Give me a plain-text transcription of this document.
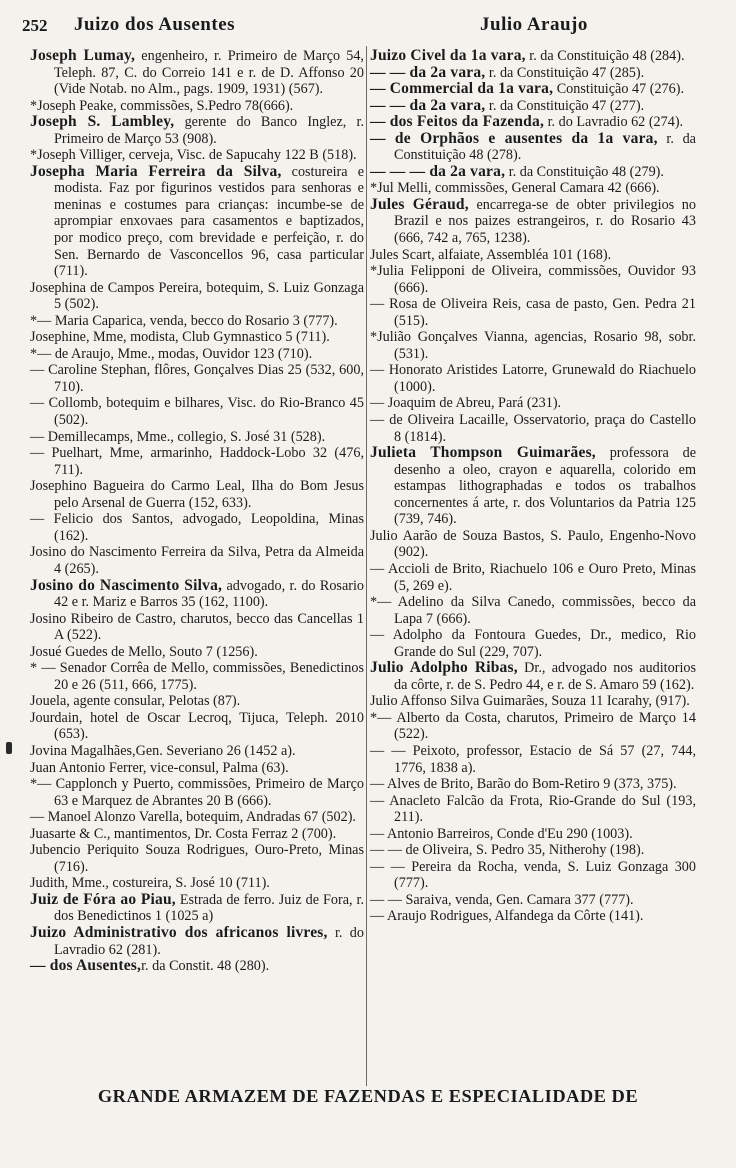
252 Juizo dos Ausentes	Julio Araujo

Joseph Lumay, engenheiro, r. Primeiro de Março 54, Teleph. 87, C. do Correio 141 e r. de D. Affonso 20 (Vide Notab. no Alm., pags. 1909, 1931) (567).

*Joseph Peake, commissões, S.Pedro 78(666).

Joseph S. Lambley, gerente do Banco Inglez, r. Primeiro de Março 53 (908).

*Joseph Villiger, cerveja, Visc. de Sapucahy 122 B (518).

Josepha Maria Ferreira da Silva, costureira e modista. Faz por figurinos vestidos para senhoras e meninas e costumes para crianças: incumbe-se de aprompiar enxovaes para casamentos e baptizados, por modico preço, com brevidade e perfeição, r. do Sen. Bernardo de Vasconcellos 96, casa particular (711).

Josephina de Campos Pereira, botequim, S. Luiz Gonzaga 5 (502).

*— Maria Caparica, venda, becco do Rosario 3 (777).

Josephine, Mme, modista, Club Gymnastico 5 (711).

*— de Araujo, Mme., modas, Ouvidor 123 (710).

— Caroline Stephan, flôres, Gonçalves Dias 25 (532, 600, 710).

— Collomb, botequim e bilhares, Visc. do Rio-Branco 45 (502).

— Demillecamps, Mme., collegio, S. José 31 (528).

— Puelhart, Mme, armarinho, Haddock-Lobo 32 (476, 711).

Josephino Bagueira do Carmo Leal, Ilha do Bom Jesus pelo Arsenal de Guerra (152, 633).

— Felicio dos Santos, advogado, Leopoldina, Minas (162).

Josino do Nascimento Ferreira da Silva, Petra da Almeida 4 (265).

Josino do Nascimento Silva, advogado, r. do Rosario 42 e r. Mariz e Barros 35 (162, 1100).

Josino Ribeiro de Castro, charutos, becco das Cancellas 1 A (522).

Josué Guedes de Mello, Souto 7 (1256).

* — Senador Corrêa de Mello, commissões, Benedictinos 20 e 26 (511, 666, 1775).

Jouela, agente consular, Pelotas (87).

Jourdain, hotel de Oscar Lecroq, Tijuca, Teleph. 2010 (653).

Jovina Magalhães,Gen. Severiano 26 (1452 a).

Juan Antonio Ferrer, vice-consul, Palma (63).

*— Capplonch y Puerto, commissões, Primeiro de Março 63 e Marquez de Abrantes 20 B (666).

— Manoel Alonzo Varella, botequim, Andradas 67 (502).

Juasarte & C., mantimentos, Dr. Costa Ferraz 2 (700).

Jubencio Periquito Souza Rodrigues, Ouro-Preto, Minas (716).

Judith, Mme., costureira, S. José 10 (711).

Juiz de Fóra ao Piau, Estrada de ferro. Juiz de Fora, r. dos Benedictinos 1 (1025 a)

Juizo Administrativo dos africanos livres, r. do Lavradio 62 (281).

— dos Ausentes,r. da Constit. 48 (280).

Juizo Civel da 1a vara, r. da Constituição 48 (284).

— — da 2a vara, r. da Constituição 47 (285).

— Commercial da 1a vara, Constituição 47 (276).

— — da 2a vara, r. da Constituição 47 (277).

— dos Feitos da Fazenda, r. do Lavradio 62 (274).

— de Orphãos e ausentes da 1a vara, r. da Constituição 48 (278).

— — — da 2a vara, r. da Constituição 48 (279).

*Jul Melli, commissões, General Camara 42 (666).

Jules Géraud, encarrega-se de obter privilegios no Brazil e nos paizes estrangeiros, r. do Rosario 43 (666, 742 a, 765, 1238).

Jules Scart, alfaiate, Assembléa 101 (168).

*Julia Felipponi de Oliveira, commissões, Ouvidor 93 (666).

— Rosa de Oliveira Reis, casa de pasto, Gen. Pedra 21 (515).

*Julião Gonçalves Vianna, agencias, Rosario 98, sobr. (531).

— Honorato Aristides Latorre, Grunewald do Riachuelo (1000).

— Joaquim de Abreu, Pará (231).

— de Oliveira Lacaille, Osservatorio, praça do Castello 8 (1814).

Julieta Thompson Guimarães, professora de desenho a oleo, crayon e aquarella, colorido em estampas lithographadas e todos os trabalhos concernentes á arte, r. dos Voluntarios da Patria 125 (739, 746).

Julio Aarão de Souza Bastos, S. Paulo, Engenho-Novo (902).

— Accioli de Brito, Riachuelo 106 e Ouro Preto, Minas (5, 269 e).

*— Adelino da Silva Canedo, commissões, becco da Lapa 7 (666).

— Adolpho da Fontoura Guedes, Dr., medico, Rio Grande do Sul (229, 707).

Julio Adolpho Ribas, Dr., advogado nos auditorios da côrte, r. de S. Pedro 44, e r. de S. Amaro 59 (162).

Julio Affonso Silva Guimarães, Souza 11 Icarahy, (917).

*— Alberto da Costa, charutos, Primeiro de Março 14 (522).

— — Peixoto, professor, Estacio de Sá 57 (27, 744, 1776, 1838 a).

— Alves de Brito, Barão do Bom-Retiro 9 (373, 375).

— Anacleto Falcão da Frota, Rio-Grande do Sul (193, 211).

— Antonio Barreiros, Conde d'Eu 290 (1003).

— — de Oliveira, S. Pedro 35, Nitherohy (198).

— — Pereira da Rocha, venda, S. Luiz Gonzaga 300 (777).

— — Saraiva, venda, Gen. Camara 377 (777).

— Araujo Rodrigues, Alfandega da Côrte (141).

GRANDE ARMAZEM DE FAZENDAS E ESPECIALIDADE DE
